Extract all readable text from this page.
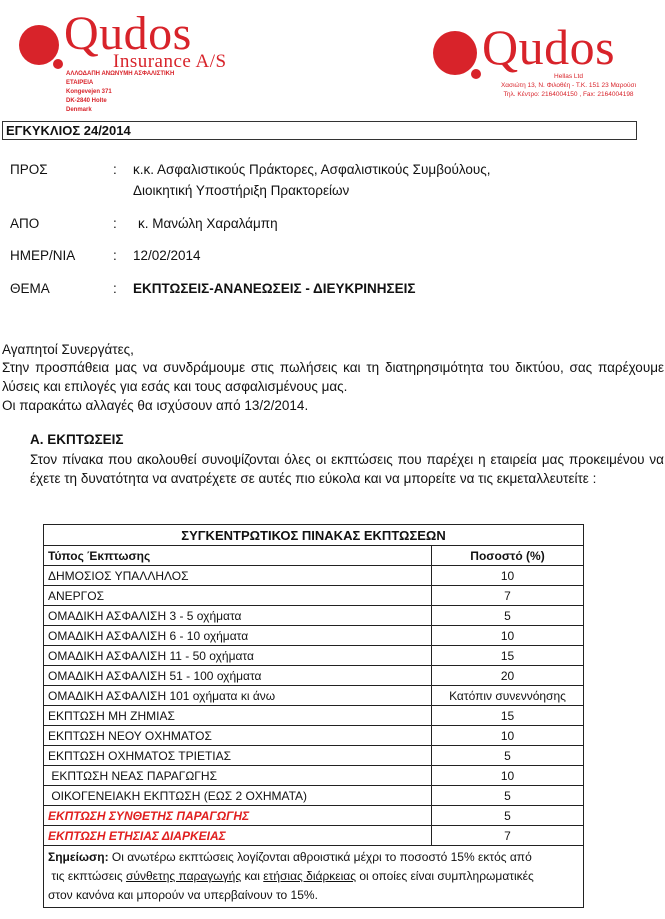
Qudos
Insurance A/S
ΑΛΛΟΔΑΠΗ ΑΝΩΝΥΜΗ ΑΣΦΑΛΙΣΤΙΚΗ ΕΤΑΙΡΕΙΑ
Kongevejen 371
DK-2840 Holte
Denmark
Qudos
Hellas Ltd
Χασιώτη 13, Ν. Φιλοθέη - Τ.Κ. 151 23 Μαρούσι
Τηλ. Κέντρο: 2164004150 , Fax: 2164004198
ΕΓΚΥΚΛΙΟΣ 24/2014
ΠΡΟΣ	: κ.κ. Ασφαλιστικούς Πράκτορες, Ασφαλιστικούς Συμβούλους,
Διοικητική Υποστήριξη Πρακτορείων
ΑΠΟ	: κ. Μανώλη Χαραλάμπη
ΗΜΕΡ/ΝΙΑ	: 12/02/2014
ΘΕΜΑ	: ΕΚΠΤΩΣΕΙΣ-ΑΝΑΝΕΩΣΕΙΣ - ΔΙΕΥΚΡΙΝΗΣΕΙΣ
Αγαπητοί Συνεργάτες,
Στην προσπάθεια μας να συνδράμουμε στις πωλήσεις και τη διατηρησιμότητα του δικτύου, σας παρέχουμε λύσεις και επιλογές για εσάς και τους ασφαλισμένους μας.
Οι παρακάτω αλλαγές θα ισχύσουν από 13/2/2014.
Α. ΕΚΠΤΩΣΕΙΣ
Στον πίνακα που ακολουθεί συνοψίζονται όλες οι εκπτώσεις που παρέχει η εταιρεία μας προκειμένου να έχετε τη δυνατότητα να ανατρέχετε σε αυτές πιο εύκολα και να μπορείτε να τις εκμεταλλευτείτε :
ΣΥΓΚΕΝΤΡΩΤΙΚΟΣ ΠΙΝΑΚΑΣ ΕΚΠΤΩΣΕΩΝ	
Τύπος Έκπτωσης	Ποσοστό (%)
ΔΗΜΟΣΙΟΣ ΥΠΑΛΛΗΛΟΣ	10
ΑΝΕΡΓΟΣ	7
ΟΜΑΔΙΚΗ ΑΣΦΑΛΙΣΗ 3 - 5 οχήματα	5
ΟΜΑΔΙΚΗ ΑΣΦΑΛΙΣΗ 6 - 10 οχήματα	10
ΟΜΑΔΙΚΗ ΑΣΦΑΛΙΣΗ 11 - 50 οχήματα	15
ΟΜΑΔΙΚΗ ΑΣΦΑΛΙΣΗ 51 - 100 οχήματα	20
ΟΜΑΔΙΚΗ ΑΣΦΑΛΙΣΗ 101 οχήματα κι άνω	Κατόπιν συνεννόησης
ΕΚΠΤΩΣΗ ΜΗ ΖΗΜΙΑΣ	15
ΕΚΠΤΩΣΗ ΝΕΟΥ ΟΧΗΜΑΤΟΣ	10
ΕΚΠΤΩΣΗ ΟΧΗΜΑΤΟΣ ΤΡΙΕΤΙΑΣ	5
ΕΚΠΤΩΣΗ ΝΕΑΣ ΠΑΡΑΓΩΓΗΣ	10
ΟΙΚΟΓΕΝΕΙΑΚΗ ΕΚΠΤΩΣΗ (ΕΩΣ 2 ΟΧΗΜΑΤΑ)	5
ΕΚΠΤΩΣΗ ΣΥΝΘΕΤΗΣ ΠΑΡΑΓΩΓΗΣ	5
ΕΚΠΤΩΣΗ ΕΤΗΣΙΑΣ ΔΙΑΡΚΕΙΑΣ	7

Σημείωση: Οι ανωτέρω εκπτώσεις λογίζονται αθροιστικά μέχρι το ποσοστό 15% εκτός από
τις εκπτώσεις σύνθετης παραγωγής και ετήσιας διάρκειας οι οποίες είναι συμπληρωματικές
στον κανόνα και μπορούν να υπερβαίνουν το 15%.	
